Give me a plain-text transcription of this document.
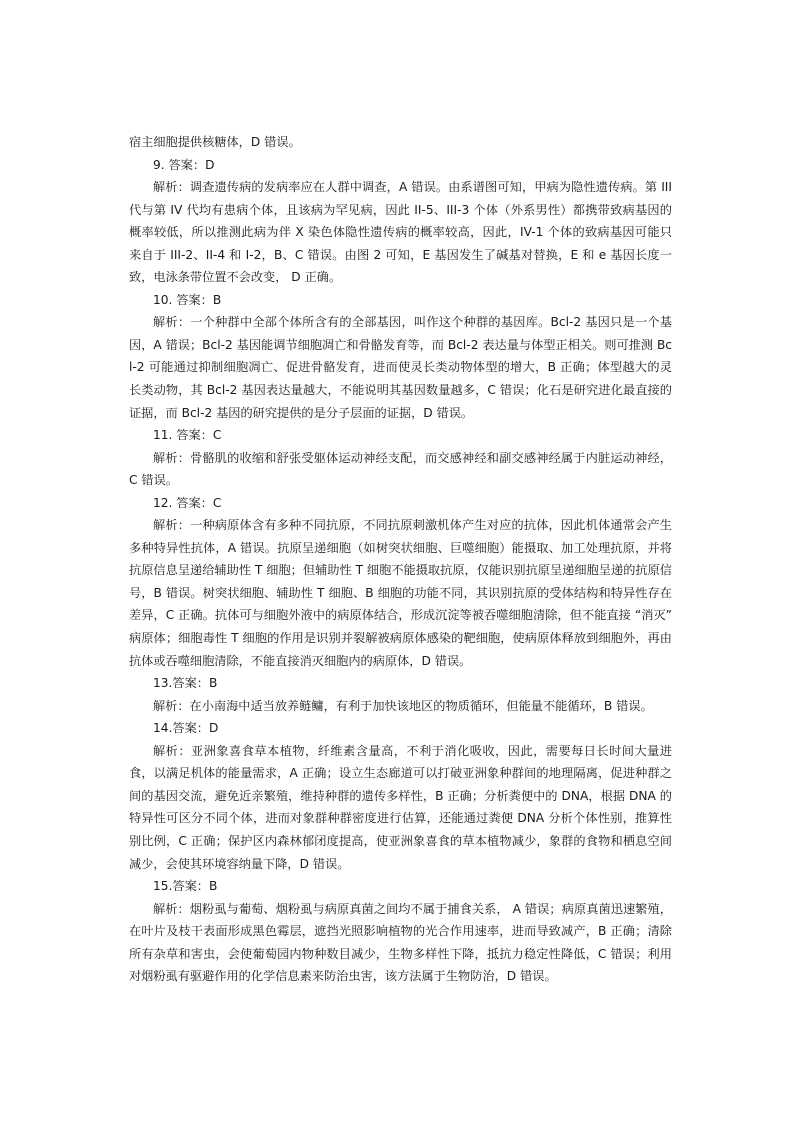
宿主细胞提供核糖体，D 错误。

9. 答案：D

解析：调查遗传病的发病率应在人群中调查，A 错误。由系谱图可知，甲病为隐性遗传病。第 III 代与第 IV 代均有患病个体，且该病为罕见病，因此 II-5、III-3 个体（外系男性）都携带致病基因的概率较低，所以推测此病为伴 X 染色体隐性遗传病的概率较高，因此，IV-1 个体的致病基因可能只来自于 III-2、II-4 和 I-2，B、C 错误。由图 2 可知，E 基因发生了碱基对替换，E 和 e 基因长度一致，电泳条带位置不会改变， D 正确。

10. 答案：B

解析：一个种群中全部个体所含有的全部基因，叫作这个种群的基因库。Bcl-2 基因只是一个基因，A 错误；Bcl-2 基因能调节细胞凋亡和骨骼发育等，而 Bcl-2 表达量与体型正相关。则可推测 Bcl-2 可能通过抑制细胞凋亡、促进骨骼发育，进而使灵长类动物体型的增大，B 正确；体型越大的灵长类动物，其 Bcl-2 基因表达量越大，不能说明其基因数量越多，C 错误；化石是研究进化最直接的证据，而 Bcl-2 基因的研究提供的是分子层面的证据，D 错误。

11. 答案：C

解析：骨骼肌的收缩和舒张受躯体运动神经支配，而交感神经和副交感神经属于内脏运动神经，C 错误。

12. 答案：C

解析：一种病原体含有多种不同抗原，不同抗原刺激机体产生对应的抗体，因此机体通常会产生多种特异性抗体，A 错误。抗原呈递细胞（如树突状细胞、巨噬细胞）能摄取、加工处理抗原，并将抗原信息呈递给辅助性 T 细胞；但辅助性 T 细胞不能摄取抗原，仅能识别抗原呈递细胞呈递的抗原信号，B 错误。树突状细胞、辅助性 T 细胞、B 细胞的功能不同，其识别抗原的受体结构和特异性存在差异，C 正确。抗体可与细胞外液中的病原体结合，形成沉淀等被吞噬细胞清除，但不能直接 “消灭” 病原体；细胞毒性 T 细胞的作用是识别并裂解被病原体感染的靶细胞，使病原体释放到细胞外，再由抗体或吞噬细胞清除，不能直接消灭细胞内的病原体，D 错误。

13.答案：B

解析：在小南海中适当放养鲢鳙，有利于加快该地区的物质循环，但能量不能循环，B 错误。

14.答案：D

解析：亚洲象喜食草本植物，纤维素含量高，不利于消化吸收，因此，需要每日长时间大量进食，以满足机体的能量需求，A 正确；设立生态廊道可以打破亚洲象种群间的地理隔离，促进种群之间的基因交流，避免近亲繁殖，维持种群的遗传多样性，B 正确；分析粪便中的 DNA，根据 DNA 的特异性可区分不同个体，进而对象群种群密度进行估算，还能通过粪便 DNA 分析个体性别，推算性别比例，C 正确；保护区内森林郁闭度提高，使亚洲象喜食的草本植物减少，象群的食物和栖息空间减少，会使其环境容纳量下降，D 错误。

15.答案：B

解析：烟粉虱与葡萄、烟粉虱与病原真菌之间均不属于捕食关系， A 错误；病原真菌迅速繁殖，在叶片及枝干表面形成黑色霉层，遮挡光照影响植物的光合作用速率，进而导致减产，B 正确；清除所有杂草和害虫，会使葡萄园内物种数目减少，生物多样性下降，抵抗力稳定性降低，C 错误；利用对烟粉虱有驱避作用的化学信息素来防治虫害，该方法属于生物防治，D 错误。
